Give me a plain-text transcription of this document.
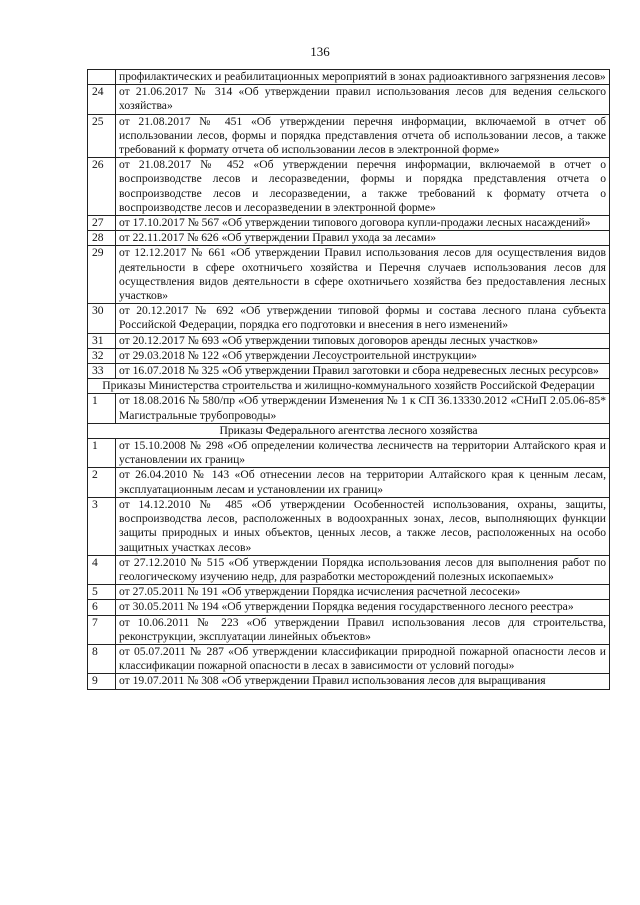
136
	профилактических и реабилитационных мероприятий в зонах радиоактивного загрязнения лесов»
24	от 21.06.2017 № 314 «Об утверждении правил использования лесов для ведения сельского хозяйства»
25	от 21.08.2017 № 451 «Об утверждении перечня информации, включаемой в отчет об использовании лесов, формы и порядка представления отчета об использовании лесов, а также требований к формату отчета об использовании лесов в электронной форме»
26	от 21.08.2017 № 452 «Об утверждении перечня информации, включаемой в отчет о воспроизводстве лесов и лесоразведении, формы и порядка представления отчета о воспроизводстве лесов и лесоразведении, а также требований к формату отчета о воспроизводстве лесов и лесоразведении в электронной форме»
27	от 17.10.2017 № 567 «Об утверждении типового договора купли-продажи лесных насаждений»
28	от 22.11.2017 № 626 «Об утверждении Правил ухода за лесами»
29	от 12.12.2017 № 661 «Об утверждении Правил использования лесов для осуществления видов деятельности в сфере охотничьего хозяйства и Перечня случаев использования лесов для осуществления видов деятельности в сфере охотничьего хозяйства без предоставления лесных участков»
30	от 20.12.2017 № 692 «Об утверждении типовой формы и состава лесного плана субъекта Российской Федерации, порядка его подготовки и внесения в него изменений»
31	от 20.12.2017 № 693 «Об утверждении типовых договоров аренды лесных участков»
32	от 29.03.2018 № 122 «Об утверждении Лесоустроительной инструкции»
33	от 16.07.2018 № 325 «Об утверждении Правил заготовки и сбора недревесных лесных ресурсов»
Приказы Министерства строительства и жилищно-коммунального хозяйств Российской Федерации	
1	от 18.08.2016 № 580/пр «Об утверждении Изменения № 1 к СП 36.13330.2012 «СНиП 2.05.06-85* Магистральные трубопроводы»
Приказы Федерального агентства лесного хозяйства	
1	от 15.10.2008 № 298 «Об определении количества лесничеств на территории Алтайского края и установлении их границ»
2	от 26.04.2010 № 143 «Об отнесении лесов на территории Алтайского края к ценным лесам, эксплуатационным лесам и установлении их границ»
3	от 14.12.2010 № 485 «Об утверждении Особенностей использования, охраны, защиты, воспроизводства лесов, расположенных в водоохранных зонах, лесов, выполняющих функции защиты природных и иных объектов, ценных лесов, а также лесов, расположенных на особо защитных участках лесов»
4	от 27.12.2010 № 515 «Об утверждении Порядка использования лесов для выполнения работ по геологическому изучению недр, для разработки месторождений полезных ископаемых»
5	от 27.05.2011 № 191 «Об утверждении Порядка исчисления расчетной лесосеки»
6	от 30.05.2011 № 194 «Об утверждении Порядка ведения государственного лесного реестра»
7	от 10.06.2011 № 223 «Об утверждении Правил использования лесов для строительства, реконструкции, эксплуатации линейных объектов»
8	от 05.07.2011 № 287 «Об утверждении классификации природной пожарной опасности лесов и классификации пожарной опасности в лесах в зависимости от условий погоды»
9	от 19.07.2011 № 308 «Об утверждении Правил использования лесов для выращивания
